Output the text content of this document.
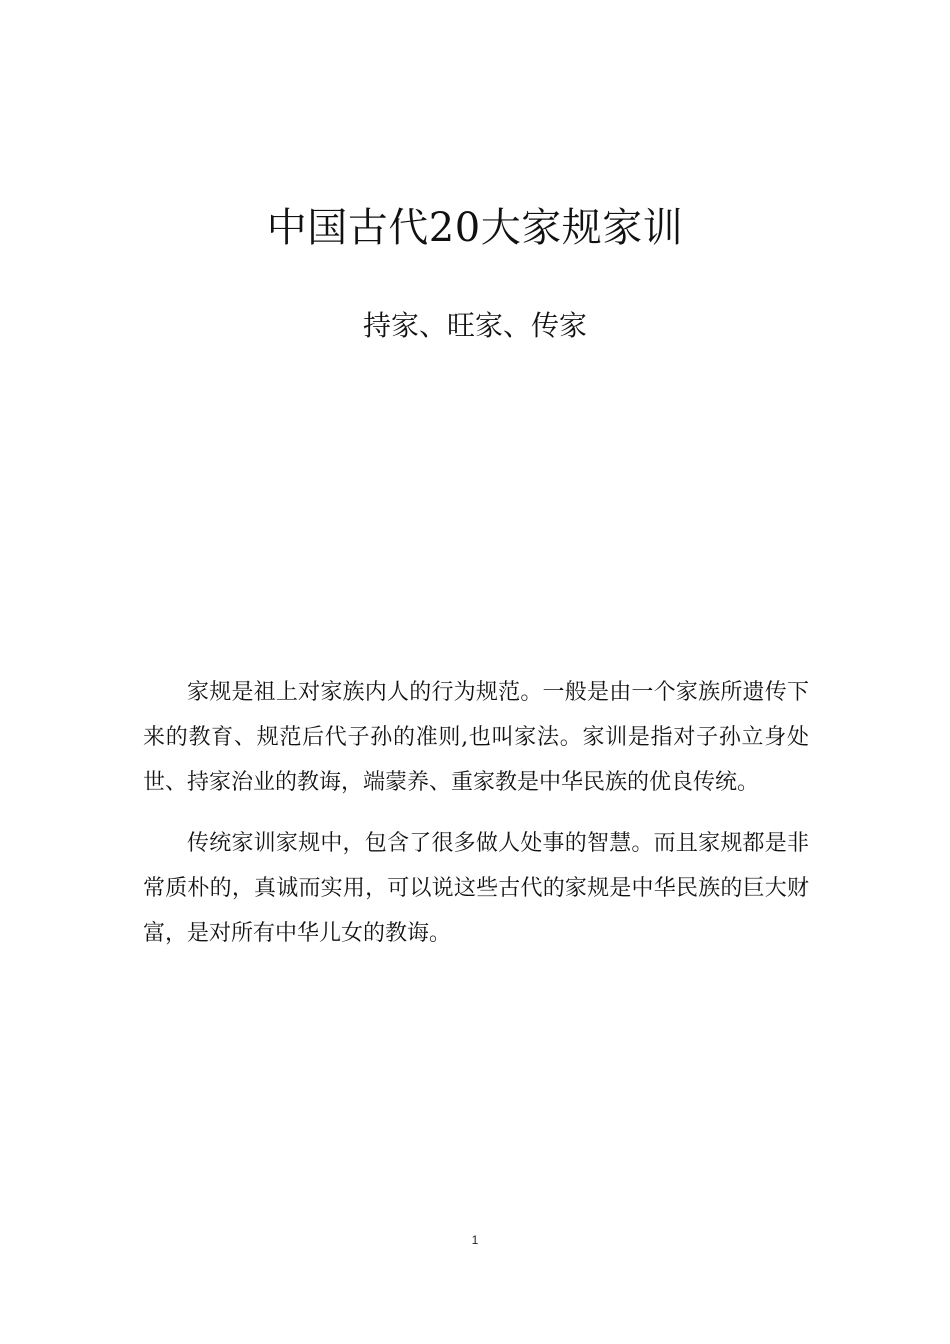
中国古代20大家规家训
持家、旺家、传家

家规是祖上对家族内人的行为规范。一般是由一个家族所遗传下来的教育、规范后代子孙的准则,也叫家法。家训是指对子孙立身处世、持家治业的教诲，端蒙养、重家教是中华民族的优良传统。

传统家训家规中，包含了很多做人处事的智慧。而且家规都是非常质朴的，真诚而实用，可以说这些古代的家规是中华民族的巨大财富，是对所有中华儿女的教诲。

1
